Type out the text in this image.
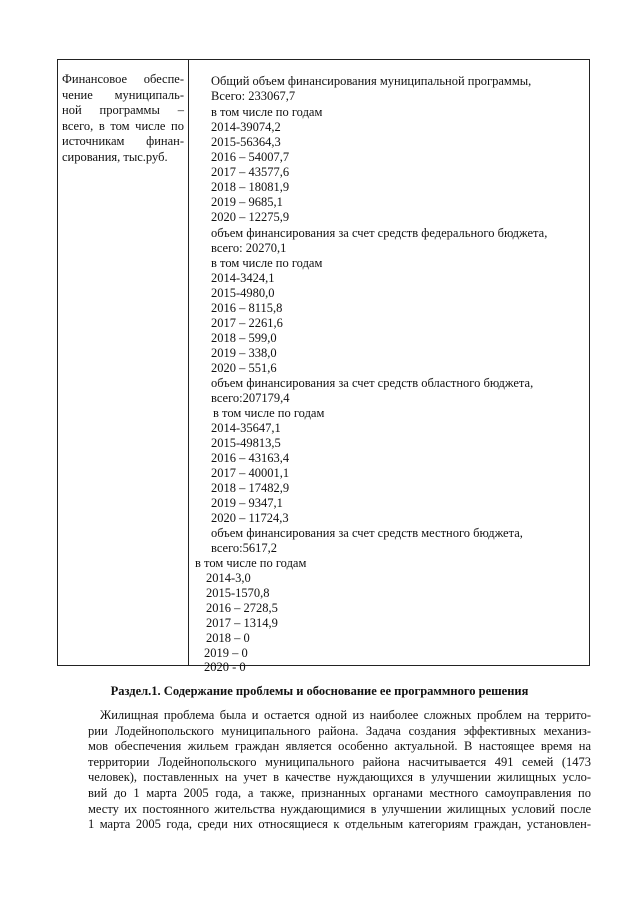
Финансовое обеспе-
чение муниципаль-
ной программы –
всего, в том числе по
источникам финан-
сирования, тыс.руб.
Общий объем финансирования муниципальной программы,
Всего: 233067,7
в том числе по годам
2014-39074,2
2015-56364,3
2016 – 54007,7
2017 – 43577,6
2018 – 18081,9
2019 – 9685,1
2020 – 12275,9
объем финансирования за счет средств федерального бюджета,
всего: 20270,1
в том числе по годам
2014-3424,1
2015-4980,0
2016 – 8115,8
2017 – 2261,6
2018 – 599,0
2019 – 338,0
2020 – 551,6
объем финансирования за счет средств областного бюджета,
всего:207179,4
в том числе по годам
2014-35647,1
2015-49813,5
2016 – 43163,4
2017 – 40001,1
2018 – 17482,9
2019 – 9347,1
2020 – 11724,3
объем финансирования за счет средств местного бюджета,
всего:5617,2
в том числе по годам
2014-3,0
2015-1570,8
2016 – 2728,5
2017 – 1314,9
2018 – 0
2019 – 0
2020 - 0
Раздел.1. Содержание проблемы и обоснование ее программного решения
Жилищная проблема была и остается одной из наиболее сложных проблем на террито-
рии Лодейнопольского муниципального района. Задача создания эффективных механиз-
мов обеспечения жильем граждан является особенно актуальной. В настоящее время на
территории Лодейнопольского муниципального района насчитывается 491 семей (1473
человек), поставленных на учет в качестве нуждающихся в улучшении жилищных усло-
вий до 1 марта 2005 года, а также, признанных органами местного самоуправления по
месту их постоянного жительства нуждающимися в улучшении жилищных условий после
1 марта 2005 года, среди них относящиеся к отдельным категориям граждан, установлен-
